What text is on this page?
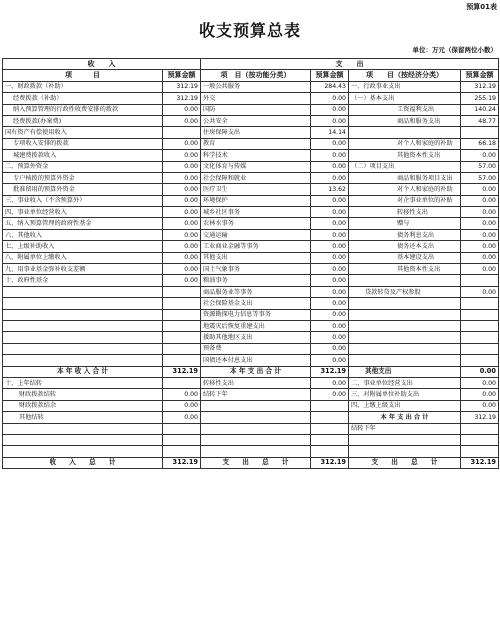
预算01表
收支预算总表
单位：万元（保留两位小数）
收　　入		支　　出			
项　　　目	预算金额	项　目（按功能分类）	预算金额	项　　目（按经济分类）	预算金额
一、财政拨款（补助）	312.19	一般公共服务	284.43	一、行政事业支出	312.19
经费拨款（补助）	312.19	外交	0.00	（一）基本支出	255.19
纳入预算管理的行政性收费安排的拨款	0.00	国防	0.00	工资福利支出	140.24
经费拨款(办案费)	0.00	公共安全	0.00	商品和服务支出	48.77
国有资产有偿使用收入		住房保障支出	14.14		
专项收入安排的拨款	0.00	教育	0.00	对个人和家庭的补助	66.18
城建费拨款收入	0.00	科学技术	0.00	其他资本性支出	0.00
二、预算外资金	0.00	文化体育与传媒	0.00	（二）项目支出	57.00
专户核拨的预算外资金	0.00	社会保障和就业	0.00	商品和服务项目支出	57.00
批准留用的预算外资金	0.00	医疗卫生	13.62	对个人和家庭的补助	0.00
三、事业收入（不含预算外）	0.00	环境保护	0.00	对企事业单位的补贴	0.00
四、事业单位经营收入	0.00	城乡社区事务	0.00	转移性支出	0.00
五、纳入预算管理的政府性基金	0.00	农林水事务	0.00	赠与	0.00
六、其他收入	0.00	交通运输	0.00	债务利息支出	0.00
七、上级补助收入	0.00	工业商业金融等事务	0.00	债务还本支出	0.00
八、附属单位上缴收入	0.00	其他支出	0.00	基本建设支出	0.00
九、用事业基金弥补收支差额	0.00	国土气象事务	0.00	其他资本性支出	0.00
十、政府性基金	0.00	粮油事务	0.00		
		商品服务业等事务	0.00	贷款转贷及产权参股	0.00
		社会保险基金支出	0.00		
		资源勘探电力信息等事务	0.00		
		地震灾后恢复重建支出	0.00		
		援助其他地区支出	0.00		
		预备费	0.00		
		国债还本付息支出	0.00		
本 年 收 入 合 计	312.19	本 年 支 出 合 计	312.19	其他支出	0.00
十、上年结转		转移性支出	0.00	二、事业单位经营支出	0.00
财政拨款结转	0.00	结转下年	0.00	三、对附属单位补助支出	0.00
财政拨款结余	0.00			四、上缴上级支出	0.00
其他结转	0.00			本 年 支 出 合 计	312.19
				结转下年	

收　　入　　总　　计	312.19	支　　出　　总　　计	312.19	支　　出　　总　　计	312.19
